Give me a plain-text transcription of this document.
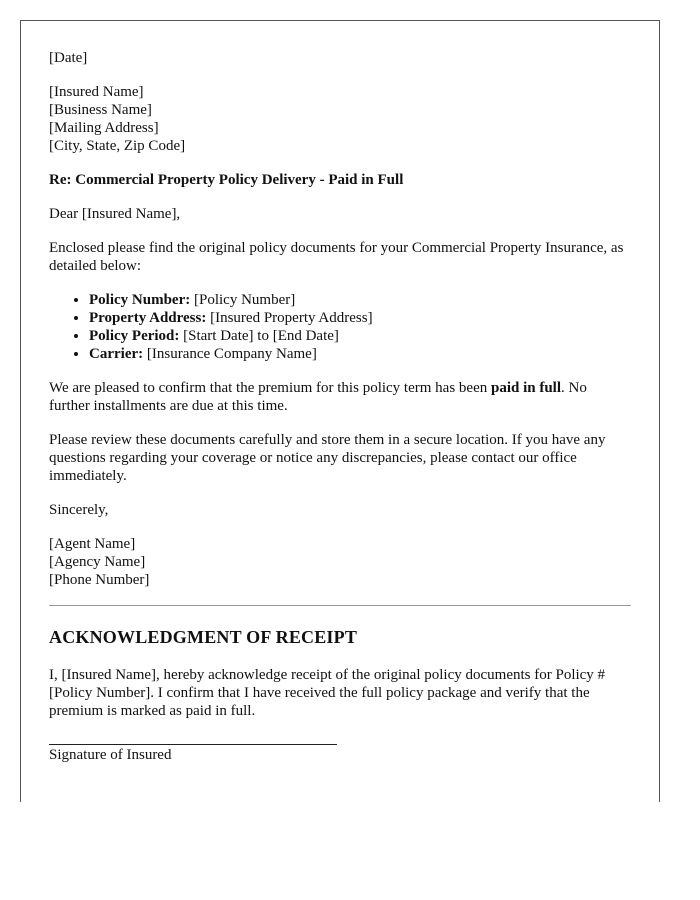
[Date]
[Insured Name]
[Business Name]
[Mailing Address]
[City, State, Zip Code]
Re: Commercial Property Policy Delivery - Paid in Full

Dear [Insured Name],

Enclosed please find the original policy documents for your Commercial Property Insurance, as detailed below:

• Policy Number: [Policy Number]
• Property Address: [Insured Property Address]
• Policy Period: [Start Date] to [End Date]
• Carrier: [Insurance Company Name]

We are pleased to confirm that the premium for this policy term has been paid in full. No further installments are due at this time.

Please review these documents carefully and store them in a secure location. If you have any questions regarding your coverage or notice any discrepancies, please contact our office immediately.

Sincerely,

[Agent Name]
[Agency Name]
[Phone Number]
ACKNOWLEDGMENT OF RECEIPT

I, [Insured Name], hereby acknowledge receipt of the original policy documents for Policy #[Policy Number]. I confirm that I have received the full policy package and verify that the premium is marked as paid in full.

Signature of Insured
